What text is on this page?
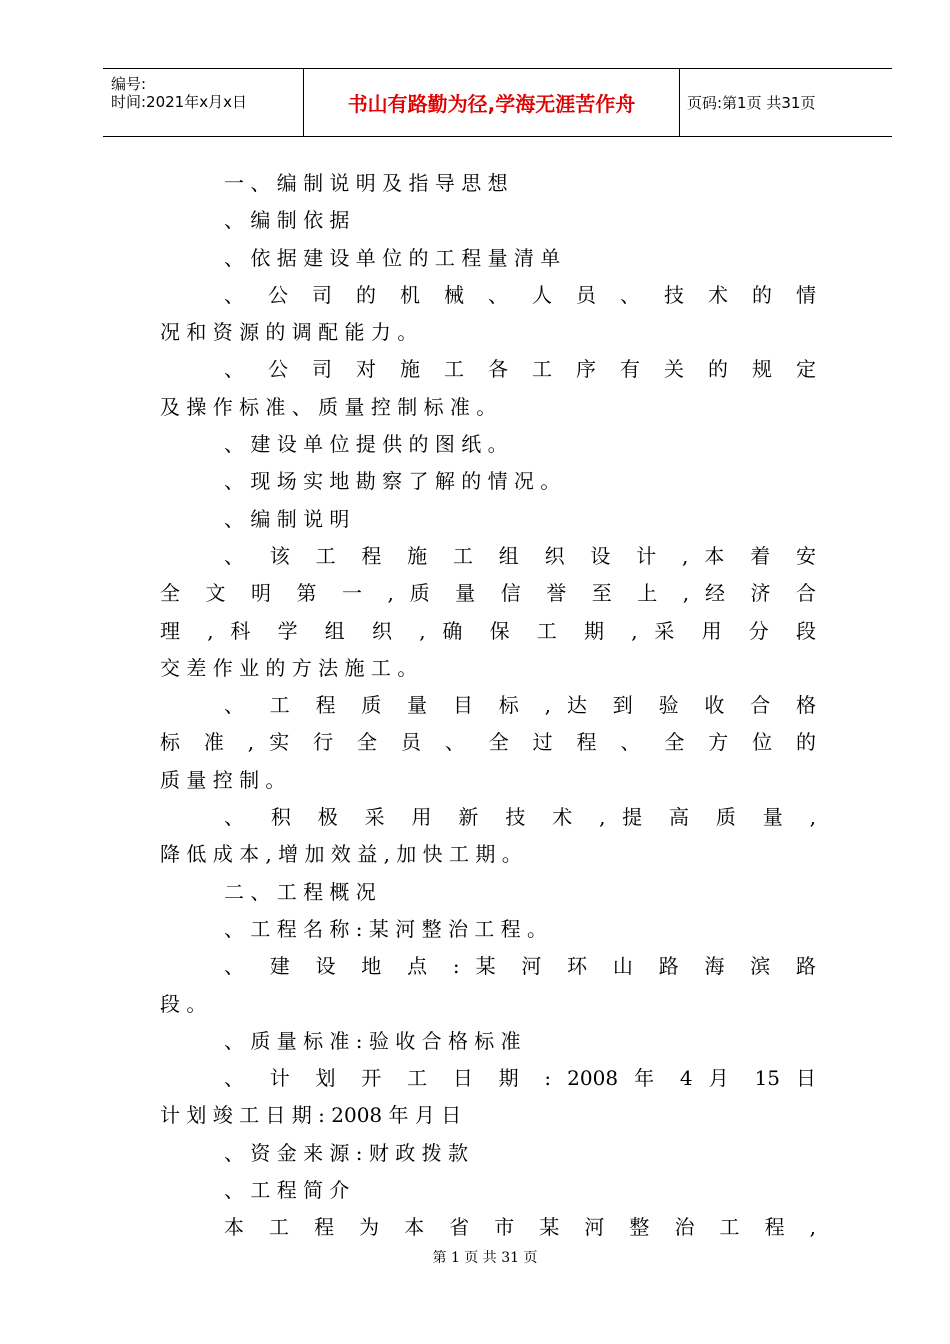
编号:
时间:2021年x月x日	书山有路勤为径,学海无涯苦作舟	页码:第1页 共31页
一 、 编 制 说 明 及 指 导 思 想
、 编 制 依 据
、 依 据 建 设 单 位 的 工 程 量 清 单
、 公 司 的 机 械 、 人 员 、 技 术 的 情
况 和 资 源 的 调 配 能 力 。
、 公 司 对 施 工 各 工 序 有 关 的 规 定
及 操 作 标 准 、 质 量 控 制 标 准 。
、 建 设 单 位 提 供 的 图 纸 。
、 现 场 实 地 勘 察 了 解 的 情 况 。
、 编 制 说 明
、 该 工 程 施 工 组 织 设 计 , 本 着 安
全 文 明 第 一 , 质 量 信 誉 至 上 , 经 济 合
理 , 科 学 组 织 , 确 保 工 期 , 采 用 分 段
交 差 作 业 的 方 法 施 工 。
、 工 程 质 量 目 标 , 达 到 验 收 合 格
标 准 , 实 行 全 员 、 全 过 程 、 全 方 位 的
质 量 控 制 。
、 积 极 采 用 新 技 术 , 提 高 质 量 ,
降 低 成 本 , 增 加 效 益 , 加 快 工 期 。
二 、 工 程 概 况
、 工 程 名 称 : 某 河 整 治 工 程 。
、 建 设 地 点 : 某 河 环 山 路 海 滨 路
段 。
、 质 量 标 准 : 验 收 合 格 标 准
、 计 划 开 工 日 期 : 2008 年 4 月 15 日
计 划 竣 工 日 期 : 2008 年 月 日
、 资 金 来 源 : 财 政 拨 款
、 工 程 简 介
本 工 程 为 本 省 市 某 河 整 治 工 程 ,
第 1 页 共 31 页
